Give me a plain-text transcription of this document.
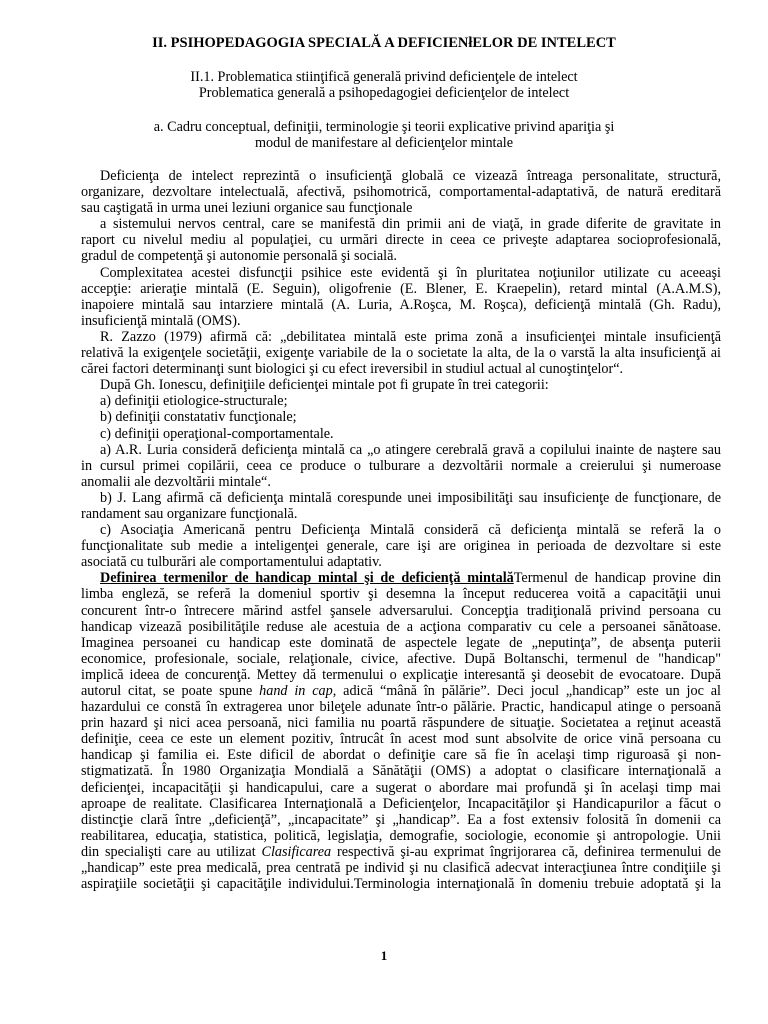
II. PSIHOPEDAGOGIA SPECIALĂ A DEFICIENłELOR DE INTELECT
II.1. Problematica stiinţifică generală privind deficienţele de intelect
Problematica generală a psihopedagogiei deficienţelor de intelect
a. Cadru conceptual, definiţii, terminologie şi teorii explicative privind apariţia şi
modul de manifestare al deficienţelor mintale

Deficienţa de intelect reprezintă o insuficienţă globală ce vizează întreaga personalitate, structură,

organizare, dezvoltare intelectuală, afectivă, psihomotrică, comportamental-adaptativă, de natură ereditară

sau caştigată in urma unei leziuni organice sau funcţionale

a sistemului nervos central, care se manifestă din primii ani de viaţă, in grade diferite de gravitate in

raport cu nivelul mediu al populaţiei, cu urmări directe in ceea ce priveşte adaptarea socioprofesională,

gradul de competenţă şi autonomie personală şi socială.

Complexitatea acestei disfuncţii psihice este evidentă şi în pluritatea noţiunilor utilizate cu aceeaşi

accepţie: arieraţie mintală (E. Seguin), oligofrenie (E. Blener, E. Kraepelin), retard mintal (A.A.M.S),

inapoiere mintală sau intarziere mintală (A. Luria, A.Roşca, M. Roşca), deficienţă mintală (Gh. Radu),

insuficienţă mintală (OMS).

R. Zazzo (1979) afirmă că: „debilitatea mintală este prima zonă a insuficienţei mintale insuficienţă

relativă la exigenţele societăţii, exigenţe variabile de la o societate la alta, de la o varstă la alta insuficienţă ai

cărei factori determinanţi sunt biologici şi cu efect ireversibil in studiul actual al cunoştinţelor“.

După Gh. Ionescu, definiţiile deficienţei mintale pot fi grupate în trei categorii:

a) definiţii etiologice-structurale;

b) definiţii constatativ funcţionale;

c) definiţii operaţional-comportamentale.

a) A.R. Luria consideră deficienţa mintală ca „o atingere cerebrală gravă a copilului inainte de naştere sau

in cursul primei copilării, ceea ce produce o tulburare a dezvoltării normale a creierului şi numeroase

anomalii ale dezvoltării mintale“.

b) J. Lang afirmă că deficienţa mintală corespunde unei imposibilităţi sau insuficienţe de funcţionare, de

randament sau organizare funcţională.

c) Asociaţia Americană pentru Deficienţa Mintală consideră că deficienţa mintală se referă la o

funcţionalitate sub medie a inteligenţei generale, care işi are originea in perioada de dezvoltare si este

asociată cu tulburări ale comportamentului adaptativ.

Definirea termenilor de handicap mintal şi de deficienţă mintalăTermenul de handicap provine din

limba engleză, se referă la domeniul sportiv şi desemna la început reducerea voită a capacităţii unui

concurent într-o întrecere mărind astfel şansele adversarului. Concepţia tradiţională privind persoana cu

handicap vizează posibilităţile reduse ale acestuia de a acţiona comparativ cu cele a persoanei sănătoase.

Imaginea persoanei cu handicap este dominată de aspectele legate de „neputinţa”, de absenţa puterii

economice, profesionale, sociale, relaţionale, civice, afective. După Boltanschi, termenul de "handicap"

implică ideea de concurenţă. Mettey dă termenului o explicaţie interesantă şi deosebit de evocatoare. După

autorul citat, se poate spune hand in cap, adică “mână în pălărie”. Deci jocul „handicap” este un joc al

hazardului ce constă în extragerea unor bileţele adunate într-o pălărie. Practic, handicapul atinge o persoană

prin hazard şi nici acea persoană, nici familia nu poartă răspundere de situaţie. Societatea a reţinut această

definiţie, ceea ce este un element pozitiv, întrucât în acest mod sunt absolvite de orice vină persoana cu

handicap şi familia ei. Este dificil de abordat o definiţie care să fie în acelaşi timp riguroasă şi non-

stigmatizată. În 1980 Organizaţia Mondială a Sănătăţii (OMS) a adoptat o clasificare internaţională a

deficienţei, incapacităţii şi handicapului, care a sugerat o abordare mai profundă şi în acelaşi timp mai

aproape de realitate. Clasificarea Internaţională a Deficienţelor, Incapacităţilor şi Handicapurilor a făcut o

distincţie clară între „deficienţă”, „incapacitate” şi „handicap”. Ea a fost extensiv folosită în domenii ca

reabilitarea, educaţia, statistica, politică, legislaţia, demografie, sociologie, economie şi antropologie. Unii

din specialişti care au utilizat Clasificarea respectivă şi-au exprimat îngrijorarea că, definirea termenului de

„handicap” este prea medicală, prea centrată pe individ şi nu clasifică adecvat interacţiunea între condiţiile şi

aspiraţiile societăţii şi capacităţile individului.Terminologia internaţională în domeniu trebuie adoptată şi la

1
